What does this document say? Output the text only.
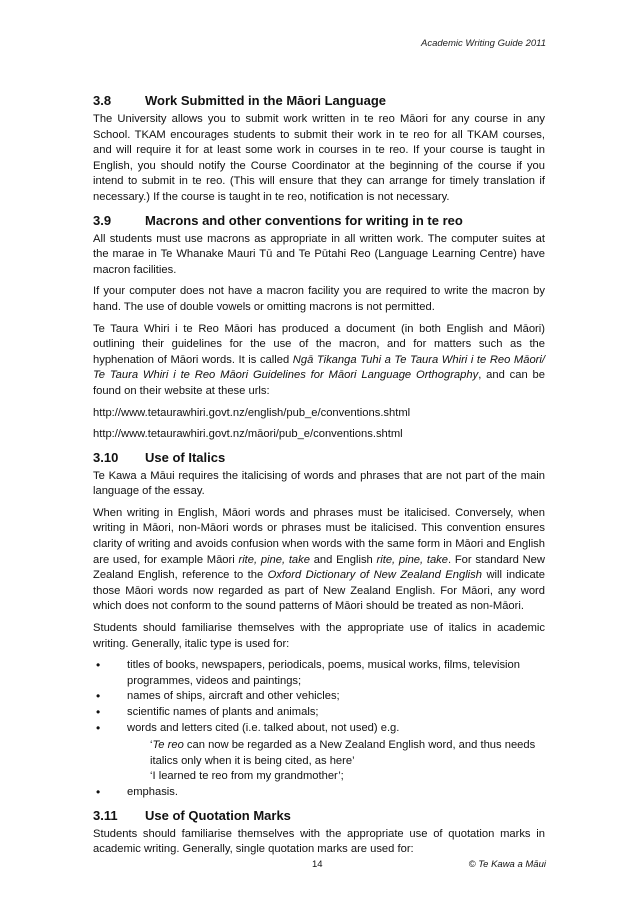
Academic Writing Guide 2011
3.8	Work Submitted in the Māori Language

The University allows you to submit work written in te reo Māori for any course in any School. TKAM encourages students to submit their work in te reo for all TKAM courses, and will require it for at least some work in courses in te reo. If your course is taught in English, you should notify the Course Coordinator at the beginning of the course if you intend to submit in te reo. (This will ensure that they can arrange for timely translation if necessary.) If the course is taught in te reo, notification is not necessary.

3.9	Macrons and other conventions for writing in te reo

All students must use macrons as appropriate in all written work. The computer suites at the marae in Te Whanake Mauri Tū and Te Pūtahi Reo (Language Learning Centre) have macron facilities.

If your computer does not have a macron facility you are required to write the macron by hand. The use of double vowels or omitting macrons is not permitted.

Te Taura Whiri i te Reo Māori has produced a document (in both English and Māori) outlining their guidelines for the use of the macron, and for matters such as the hyphenation of Māori words. It is called Ngā Tikanga Tuhi a Te Taura Whiri i te Reo Māori/ Te Taura Whiri i te Reo Māori Guidelines for Māori Language Orthography, and can be found on their website at these urls:

http://www.tetaurawhiri.govt.nz/english/pub_e/conventions.shtml

http://www.tetaurawhiri.govt.nz/māori/pub_e/conventions.shtml

3.10	Use of Italics

Te Kawa a Māui requires the italicising of words and phrases that are not part of the main language of the essay.

When writing in English, Māori words and phrases must be italicised. Conversely, when writing in Māori, non-Māori words or phrases must be italicised. This convention ensures clarity of writing and avoids confusion when words with the same form in Māori and English are used, for example Māori rite, pine, take and English rite, pine, take. For standard New Zealand English, reference to the Oxford Dictionary of New Zealand English will indicate those Māori words now regarded as part of New Zealand English. For Māori, any word which does not conform to the sound patterns of Māori should be treated as non-Māori.

Students should familiarise themselves with the appropriate use of italics in academic writing. Generally, italic type is used for:

• titles of books, newspapers, periodicals, poems, musical works, films, television programmes, videos and paintings;
• names of ships, aircraft and other vehicles;
• scientific names of plants and animals;
• words and letters cited (i.e. talked about, not used) e.g.
‘Te reo can now be regarded as a New Zealand English word, and thus needs italics only when it is being cited, as here’
‘I learned te reo from my grandmother’;
• emphasis.
3.11	Use of Quotation Marks

Students should familiarise themselves with the appropriate use of quotation marks in academic writing. Generally, single quotation marks are used for:

14	© Te Kawa a Māui
